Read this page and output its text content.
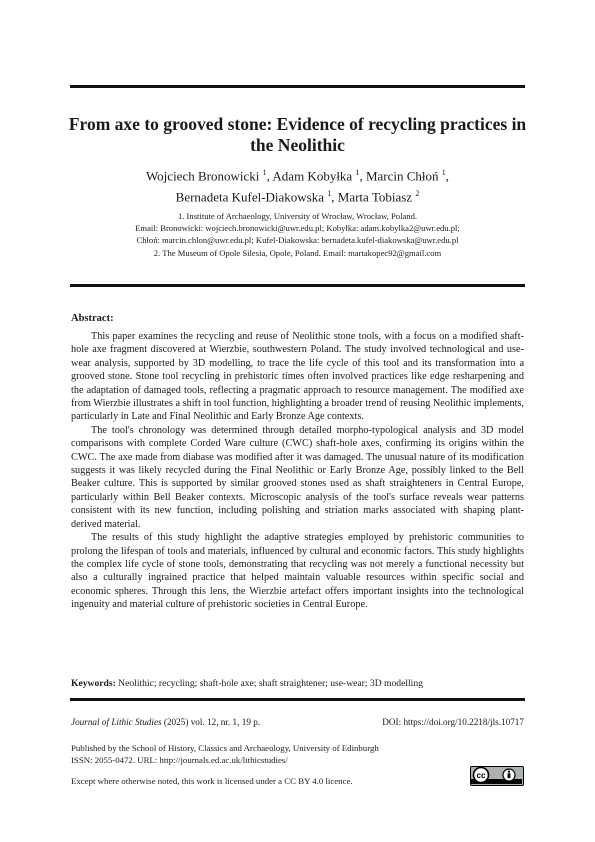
From axe to grooved stone: Evidence of recycling practices in the Neolithic
Wojciech Bronowicki $^1$, Adam Kobyłka $^1$, Marcin Chłoń $^1$,
Bernadeta Kufel-Diakowska $^1$, Marta Tobiasz $^2$
1. Institute of Archaeology, University of Wrocław, Wrocław, Poland.
Email: Bronowicki: wojciech.bronowicki@uwr.edu.pl; Kobyłka: adam.kobylka2@uwr.edu.pl;
Chłoń: marcin.chlon@uwr.edu.pl; Kufel-Diakowska: bernadeta.kufel-diakowska@uwr.edu.pl
2. The Museum of Opole Silesia, Opole, Poland. Email: martakopec92@gmail.com
Abstract:

This paper examines the recycling and reuse of Neolithic stone tools, with a focus on a modified shaft-hole axe fragment discovered at Wierzbie, southwestern Poland. The study involved technological and use-wear analysis, supported by 3D modelling, to trace the life cycle of this tool and its transformation into a grooved stone. Stone tool recycling in prehistoric times often involved practices like edge resharpening and the adaptation of damaged tools, reflecting a pragmatic approach to resource management. The modified axe from Wierzbie illustrates a shift in tool function, highlighting a broader trend of reusing Neolithic implements, particularly in Late and Final Neolithic and Early Bronze Age contexts.

The tool's chronology was determined through detailed morpho-typological analysis and 3D model comparisons with complete Corded Ware culture (CWC) shaft-hole axes, confirming its origins within the CWC. The axe made from diabase was modified after it was damaged. The unusual nature of its modification suggests it was likely recycled during the Final Neolithic or Early Bronze Age, possibly linked to the Bell Beaker culture. This is supported by similar grooved stones used as shaft straighteners in Central Europe, particularly within Bell Beaker contexts. Microscopic analysis of the tool's surface reveals wear patterns consistent with its new function, including polishing and striation marks associated with shaping plant-derived material.

The results of this study highlight the adaptive strategies employed by prehistoric communities to prolong the lifespan of tools and materials, influenced by cultural and economic factors. This study highlights the complex life cycle of stone tools, demonstrating that recycling was not merely a functional necessity but also a culturally ingrained practice that helped maintain valuable resources within specific social and economic spheres. Through this lens, the Wierzbie artefact offers important insights into the technological ingenuity and material culture of prehistoric societies in Central Europe.

Keywords: Neolithic; recycling; shaft-hole axe; shaft straightener; use-wear; 3D modelling
Journal of Lithic Studies (2025) vol. 12, nr. 1, 19 p.	DOI: https://doi.org/10.2218/jls.10717
Published by the School of History, Classics and Archaeology, University of Edinburgh
ISSN: 2055-0472. URL: http://journals.ed.ac.uk/lithicstudies/
Except where otherwise noted, this work is licensed under a CC BY 4.0 licence.
cc
